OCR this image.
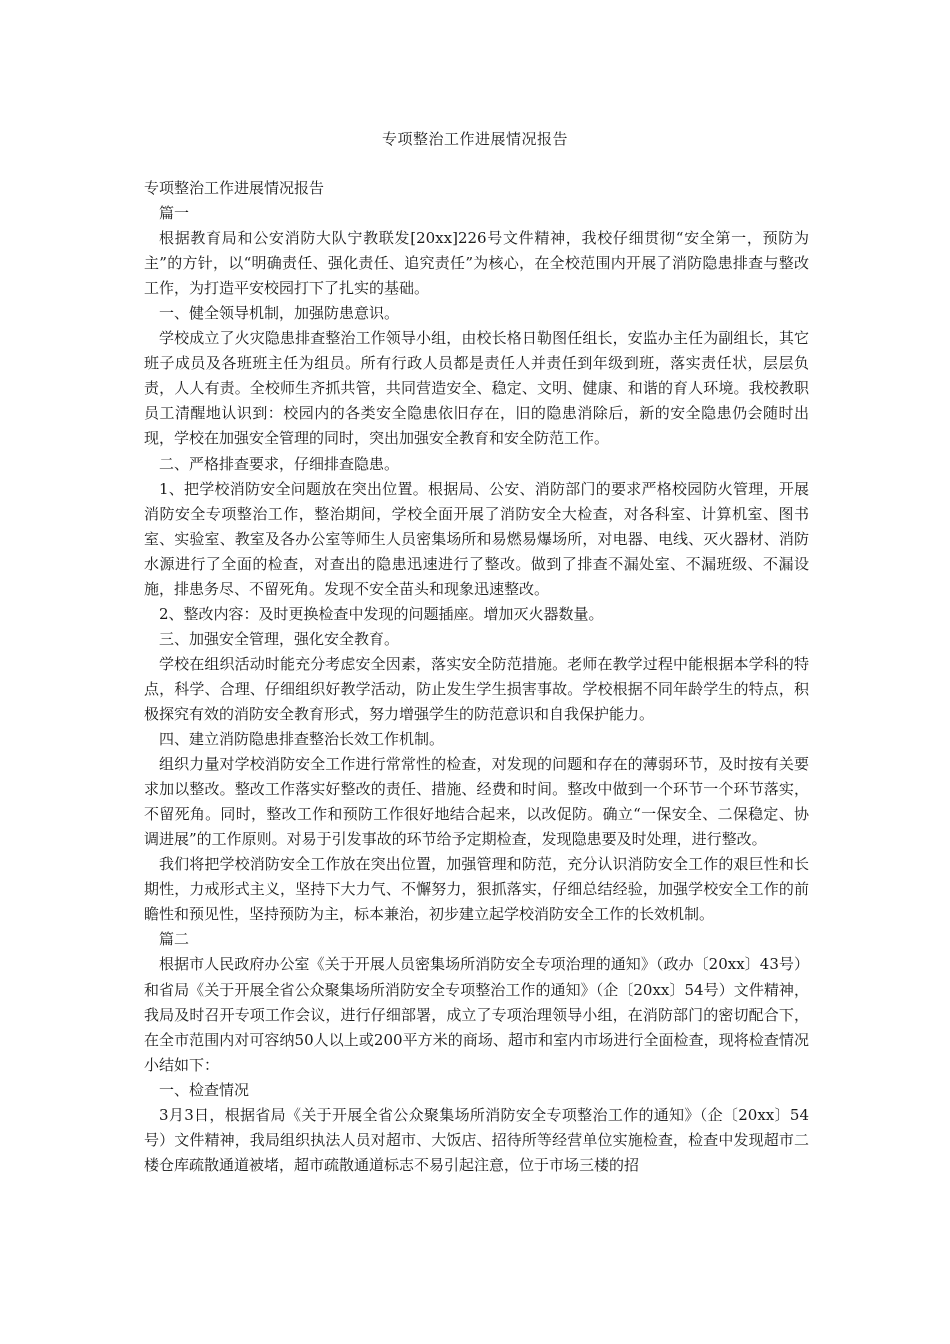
专项整治工作进展情况报告

专项整治工作进展情况报告

篇一

根据教育局和公安消防大队宁教联发[20xx]226号文件精神，我校仔细贯彻“安全第一，预防为主”的方针，以“明确责任、强化责任、追究责任”为核心，在全校范围内开展了消防隐患排查与整改工作，为打造平安校园打下了扎实的基础。

一、健全领导机制，加强防患意识。

学校成立了火灾隐患排查整治工作领导小组，由校长格日勒图任组长，安监办主任为副组长，其它班子成员及各班班主任为组员。所有行政人员都是责任人并责任到年级到班，落实责任状，层层负责，人人有责。全校师生齐抓共管，共同营造安全、稳定、文明、健康、和谐的育人环境。我校教职员工清醒地认识到：校园内的各类安全隐患依旧存在，旧的隐患消除后，新的安全隐患仍会随时出现，学校在加强安全管理的同时，突出加强安全教育和安全防范工作。

二、严格排查要求，仔细排查隐患。

1、把学校消防安全问题放在突出位置。根据局、公安、消防部门的要求严格校园防火管理，开展消防安全专项整治工作，整治期间，学校全面开展了消防安全大检查，对各科室、计算机室、图书室、实验室、教室及各办公室等师生人员密集场所和易燃易爆场所，对电器、电线、灭火器材、消防水源进行了全面的检查，对查出的隐患迅速进行了整改。做到了排查不漏处室、不漏班级、不漏设施，排患务尽、不留死角。发现不安全苗头和现象迅速整改。

2、整改内容：及时更换检查中发现的问题插座。增加灭火器数量。

三、加强安全管理，强化安全教育。

学校在组织活动时能充分考虑安全因素，落实安全防范措施。老师在教学过程中能根据本学科的特点，科学、合理、仔细组织好教学活动，防止发生学生损害事故。学校根据不同年龄学生的特点，积极探究有效的消防安全教育形式，努力增强学生的防范意识和自我保护能力。

四、建立消防隐患排查整治长效工作机制。

组织力量对学校消防安全工作进行常常性的检查，对发现的问题和存在的薄弱环节，及时按有关要求加以整改。整改工作落实好整改的责任、措施、经费和时间。整改中做到一个环节一个环节落实，不留死角。同时，整改工作和预防工作很好地结合起来，以改促防。确立“一保安全、二保稳定、协调进展”的工作原则。对易于引发事故的环节给予定期检查，发现隐患要及时处理，进行整改。

我们将把学校消防安全工作放在突出位置，加强管理和防范，充分认识消防安全工作的艰巨性和长期性，力戒形式主义，坚持下大力气、不懈努力，狠抓落实，仔细总结经验，加强学校安全工作的前瞻性和预见性，坚持预防为主，标本兼治，初步建立起学校消防安全工作的长效机制。

篇二

根据市人民政府办公室《关于开展人员密集场所消防安全专项治理的通知》（政办〔20xx〕43号）和省局《关于开展全省公众聚集场所消防安全专项整治工作的通知》（企〔20xx〕54号）文件精神，我局及时召开专项工作会议，进行仔细部署，成立了专项治理领导小组，在消防部门的密切配合下，在全市范围内对可容纳50人以上或200平方米的商场、超市和室内市场进行全面检查，现将检查情况小结如下：

一、检查情况

3月3日，根据省局《关于开展全省公众聚集场所消防安全专项整治工作的通知》（企〔20xx〕54号）文件精神，我局组织执法人员对超市、大饭店、招待所等经营单位实施检查，检查中发现超市二楼仓库疏散通道被堵，超市疏散通道标志不易引起注意，位于市场三楼的招
